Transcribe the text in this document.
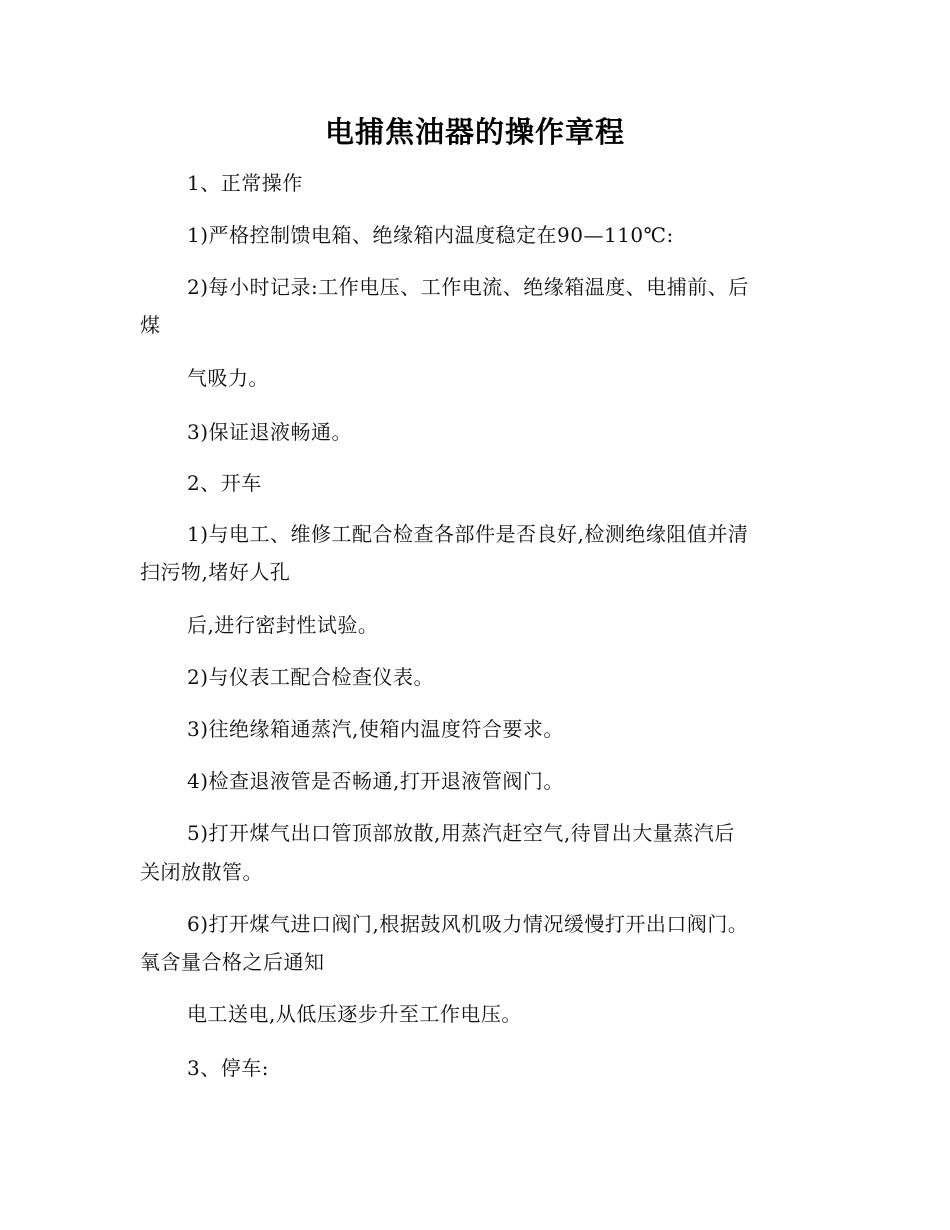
电捕焦油器的操作章程
1、正常操作
1)严格控制馈电箱、绝缘箱内温度稳定在90—110℃:
2)每小时记录:工作电压、工作电流、绝缘箱温度、电捕前、后
煤
气吸力。
3)保证退液畅通。
2、开车
1)与电工、维修工配合检查各部件是否良好,检测绝缘阻值并清
扫污物,堵好人孔
后,进行密封性试验。
2)与仪表工配合检查仪表。
3)往绝缘箱通蒸汽,使箱内温度符合要求。
4)检查退液管是否畅通,打开退液管阀门。
5)打开煤气出口管顶部放散,用蒸汽赶空气,待冒出大量蒸汽后
关闭放散管。
6)打开煤气进口阀门,根据鼓风机吸力情况缓慢打开出口阀门。
氧含量合格之后通知
电工送电,从低压逐步升至工作电压。
3、停车:
